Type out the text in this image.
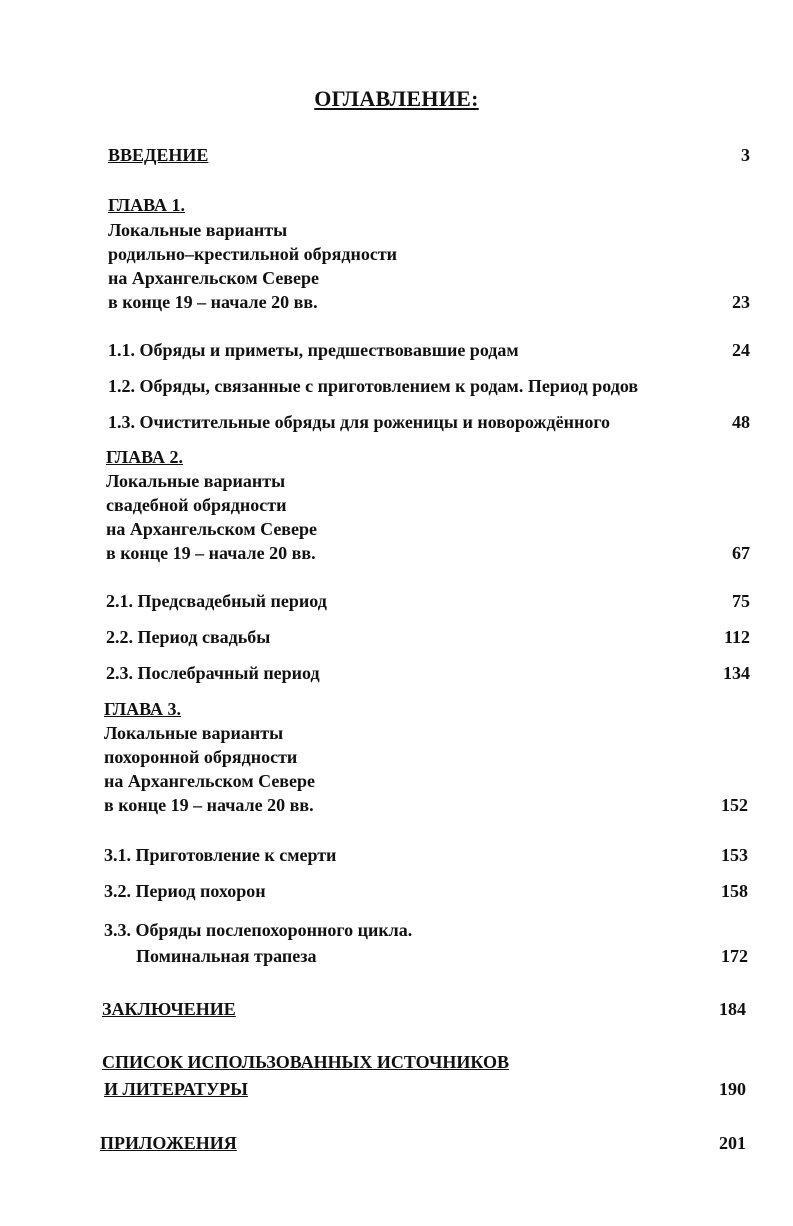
ОГЛАВЛЕНИЕ:
ВВЕДЕНИЕ	3
ГЛАВА 1.
Локальные варианты
родильно–крестильной обрядности
на Архангельском Севере
в конце 19 – начале 20 вв.	23
1.1. Обряды и приметы, предшествовавшие родам	24
1.2. Обряды, связанные с приготовлением к родам. Период родов
1.3. Очистительные обряды для роженицы и новорождённого	48
ГЛАВА 2.
Локальные варианты
свадебной обрядности
на Архангельском Севере
в конце 19 – начале 20 вв.	67
2.1. Предсвадебный период	75
2.2. Период свадьбы	112
2.3. Послебрачный период	134
ГЛАВА 3.
Локальные варианты
похоронной обрядности
на Архангельском Севере
в конце 19 – начале 20 вв.	152
3.1. Приготовление к смерти	153
3.2. Период похорон	158
3.3. Обряды послепохоронного цикла.
Поминальная трапеза	172
ЗАКЛЮЧЕНИЕ	184
СПИСОК ИСПОЛЬЗОВАННЫХ ИСТОЧНИКОВ
И ЛИТЕРАТУРЫ	190
ПРИЛОЖЕНИЯ	201
